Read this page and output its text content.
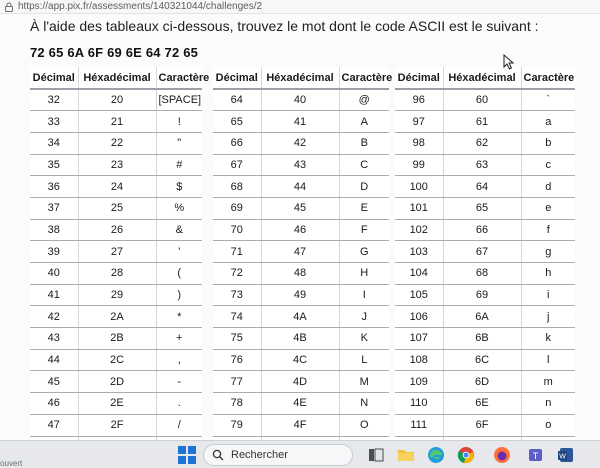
https://app.pix.fr/assessments/140321044/challenges/2
À l'aide des tableaux ci-dessous, trouvez le mot dont le code ASCII est le suivant :
72 65 6A 6F 69 6E 64 72 65
Décimal	Héxadécimal	Caractère
32	20	[SPACE]
33	21	!
34	22	"
35	23	#
36	24	$
37	25	%
38	26	&
39	27	'
40	28	(
41	29	)
42	2A	*
43	2B	+
44	2C	,
45	2D	-
46	2E	.
47	2F	/

Décimal	Héxadécimal	Caractère
64	40	@
65	41	A
66	42	B
67	43	C
68	44	D
69	45	E
70	46	F
71	47	G
72	48	H
73	49	I
74	4A	J
75	4B	K
76	4C	L
77	4D	M
78	4E	N
79	4F	O

Décimal	Héxadécimal	Caractère
96	60	`
97	61	a
98	62	b
99	63	c
100	64	d
101	65	e
102	66	f
103	67	g
104	68	h
105	69	i
106	6A	j
107	6B	k
108	6C	l
109	6D	m
110	6E	n
111	6F	o

ouvert
Rechercher	T	W
